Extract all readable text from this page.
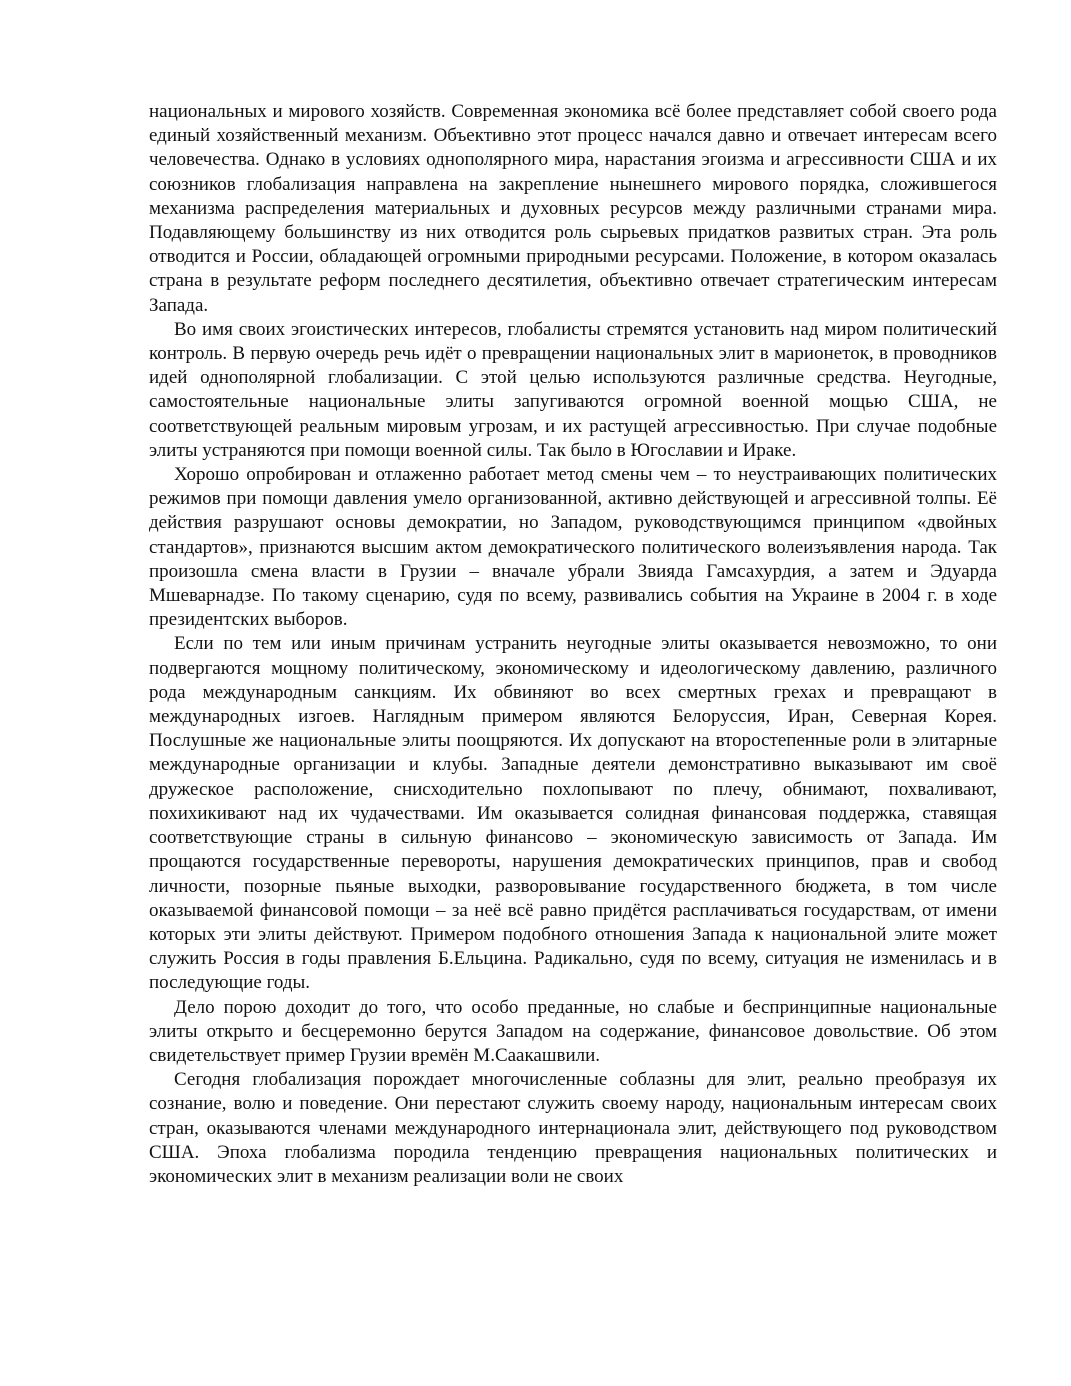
национальных и мирового хозяйств. Современная экономика всё более представляет собой своего рода единый хозяйственный механизм. Объективно этот процесс начался давно и отвечает интересам всего человечества. Однако в условиях однополярного мира, нарастания эгоизма и агрессивности США и их союзников глобализация направлена на закрепление нынешнего мирового порядка, сложившегося механизма распределения материальных и духовных ресурсов между различными странами мира. Подавляющему большинству из них отводится роль сырьевых придатков развитых стран. Эта роль отводится и России, обладающей огромными природными ресурсами. Положение, в котором оказалась страна в результате реформ последнего десятилетия, объективно отвечает стратегическим интересам Запада.

Во имя своих эгоистических интересов, глобалисты стремятся установить над миром политический контроль. В первую очередь речь идёт о превращении национальных элит в марионеток, в проводников идей однополярной глобализации. С этой целью используются различные средства. Неугодные, самостоятельные национальные элиты запугиваются огромной военной мощью США, не соответствующей реальным мировым угрозам, и их растущей агрессивностью. При случае подобные элиты устраняются при помощи военной силы. Так было в Югославии и Ираке.

Хорошо опробирован и отлаженно работает метод смены чем – то неустраивающих политических режимов при помощи давления умело организованной, активно действующей и агрессивной толпы. Её действия разрушают основы демократии, но Западом, руководствующимся принципом «двойных стандартов», признаются высшим актом демократического политического волеизъявления народа. Так произошла смена власти в Грузии – вначале убрали Звияда Гамсахурдия, а затем и Эдуарда Мшеварнадзе. По такому сценарию, судя по всему, развивались события на Украине в 2004 г. в ходе президентских выборов.

Если по тем или иным причинам устранить неугодные элиты оказывается невозможно, то они подвергаются мощному политическому, экономическому и идеологическому давлению, различного рода международным санкциям. Их обвиняют во всех смертных грехах и превращают в международных изгоев. Наглядным примером являются Белоруссия, Иран, Северная Корея. Послушные же национальные элиты поощряются. Их допускают на второстепенные роли в элитарные международные организации и клубы. Западные деятели демонстративно выказывают им своё дружеское расположение, снисходительно похлопывают по плечу, обнимают, похваливают, похихикивают над их чудачествами. Им оказывается солидная финансовая поддержка, ставящая соответствующие страны в сильную финансово – экономическую зависимость от Запада. Им прощаются государственные перевороты, нарушения демократических принципов, прав и свобод личности, позорные пьяные выходки, разворовывание государственного бюджета, в том числе оказываемой финансовой помощи – за неё всё равно придётся расплачиваться государствам, от имени которых эти элиты действуют. Примером подобного отношения Запада к национальной элите может служить Россия в годы правления Б.Ельцина. Радикально, судя по всему, ситуация не изменилась и в последующие годы.

Дело порою доходит до того, что особо преданные, но слабые и беспринципные национальные элиты открыто и бесцеремонно берутся Западом на содержание, финансовое довольствие. Об этом свидетельствует пример Грузии времён М.Саакашвили.

Сегодня глобализация порождает многочисленные соблазны для элит, реально преобразуя их сознание, волю и поведение. Они перестают служить своему народу, национальным интересам своих стран, оказываются членами международного интернационала элит, действующего под руководством США. Эпоха глобализма породила тенденцию превращения национальных политических и экономических элит в механизм реализации воли не своих
